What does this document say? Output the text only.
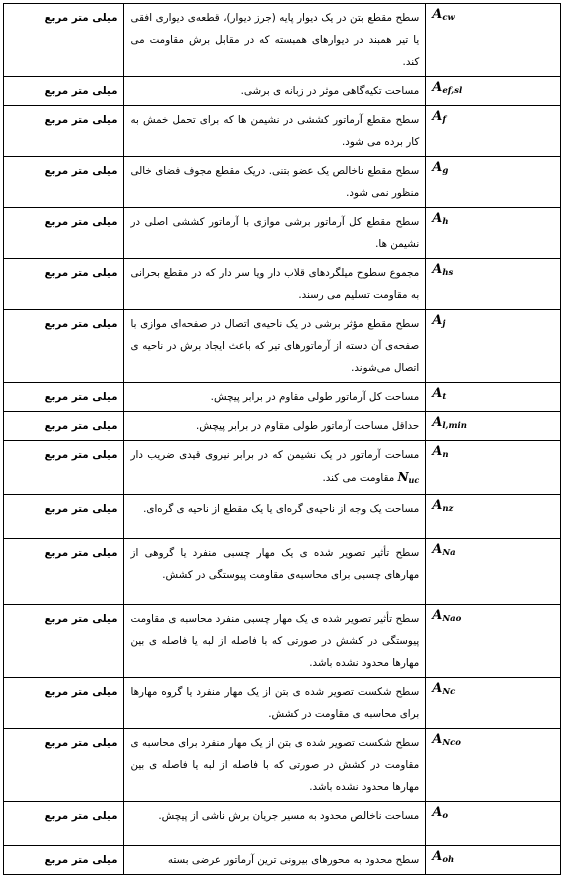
$A_{cw}$	سطح مقطع بتن در یک دیوار پایه (جرز دیوار)، قطعه‌ی دیواری افقی یا تیر همبند در دیوارهای همبسته که در مقابل برش مقاومت می کند.	میلی متر مربع
$A_{ef,sl}$	مساحت تکیه‌گاهی موثر در زبانه ی برشی.	میلی متر مربع
$A_f$	سطح مقطع آرماتور کششی در نشیمن ها که برای تحمل خمش به کار برده می شود.	میلی متر مربع
$A_g$	سطح مقطع ناخالص یک عضو بتنی. دریک مقطع مجوف فضای خالی منظور نمی شود.	میلی متر مربع
$A_h$	سطح مقطع کل آرماتور برشی موازی با آرماتور کششی اصلی در نشیمن ها.	میلی متر مربع
$A_{hs}$	مجموع سطوح میلگردهای قلاب دار ویا سر دار که در مقطع بحرانی به مقاومت تسلیم می رسند.	میلی متر مربع
$A_j$	سطح مقطع مؤثر برشی در یک ناحیه‌ی اتصال در صفحه‌ای موازی با صفحه‌ی آن دسته از آرماتورهای تیر که باعث ایجاد برش در ناحیه ی اتصال می‌شوند.	میلی متر مربع
$A_t$	مساحت کل آرماتور طولی مقاوم در برابر پیچش.	میلی متر مربع
$A_{l,min}$	حداقل مساحت آرماتور طولی مقاوم در برابر پیچش.	میلی متر مربع
$A_n$	مساحت آرماتور در یک نشیمن که در برابر نیروی قیدی ضریب دار $N_{uc}$ مقاومت می کند.	میلی متر مربع
$A_{nz}$	مساحت یک وجه از ناحیه‌ی گره‌ای یا یک مقطع از ناحیه ی گره‌ای.	میلی متر مربع
$A_{Na}$	سطح تأثیر تصویر شده ی یک مهار چسبی منفرد یا گروهی از مهارهای چسبی برای محاسبه‌ی مقاومت پیوستگی در کشش.	میلی متر مربع
$A_{Nao}$	سطح تأثیر تصویر شده ی یک مهار چسبی منفرد محاسبه ی مقاومت پیوستگی در کشش در صورتی که با فاصله از لبه یا فاصله ی بین مهارها محدود نشده باشد.	میلی متر مربع
$A_{Nc}$	سطح شکست تصویر شده ی بتن از یک مهار منفرد یا گروه مهارها برای محاسبه ی مقاومت در کشش.	میلی متر مربع
$A_{Nco}$	سطح شکست تصویر شده ی بتن از یک مهار منفرد برای محاسبه ی مقاومت در کشش در صورتی که با فاصله از لبه یا فاصله ی بین مهارها محدود نشده باشد.	میلی متر مربع
$A_o$	مساحت ناخالص محدود به مسیر جریان برش ناشی از پیچش.	میلی متر مربع
$A_{oh}$	سطح محدود به محورهای بیرونی ترین آرماتور عرضی بسته	میلی متر مربع
